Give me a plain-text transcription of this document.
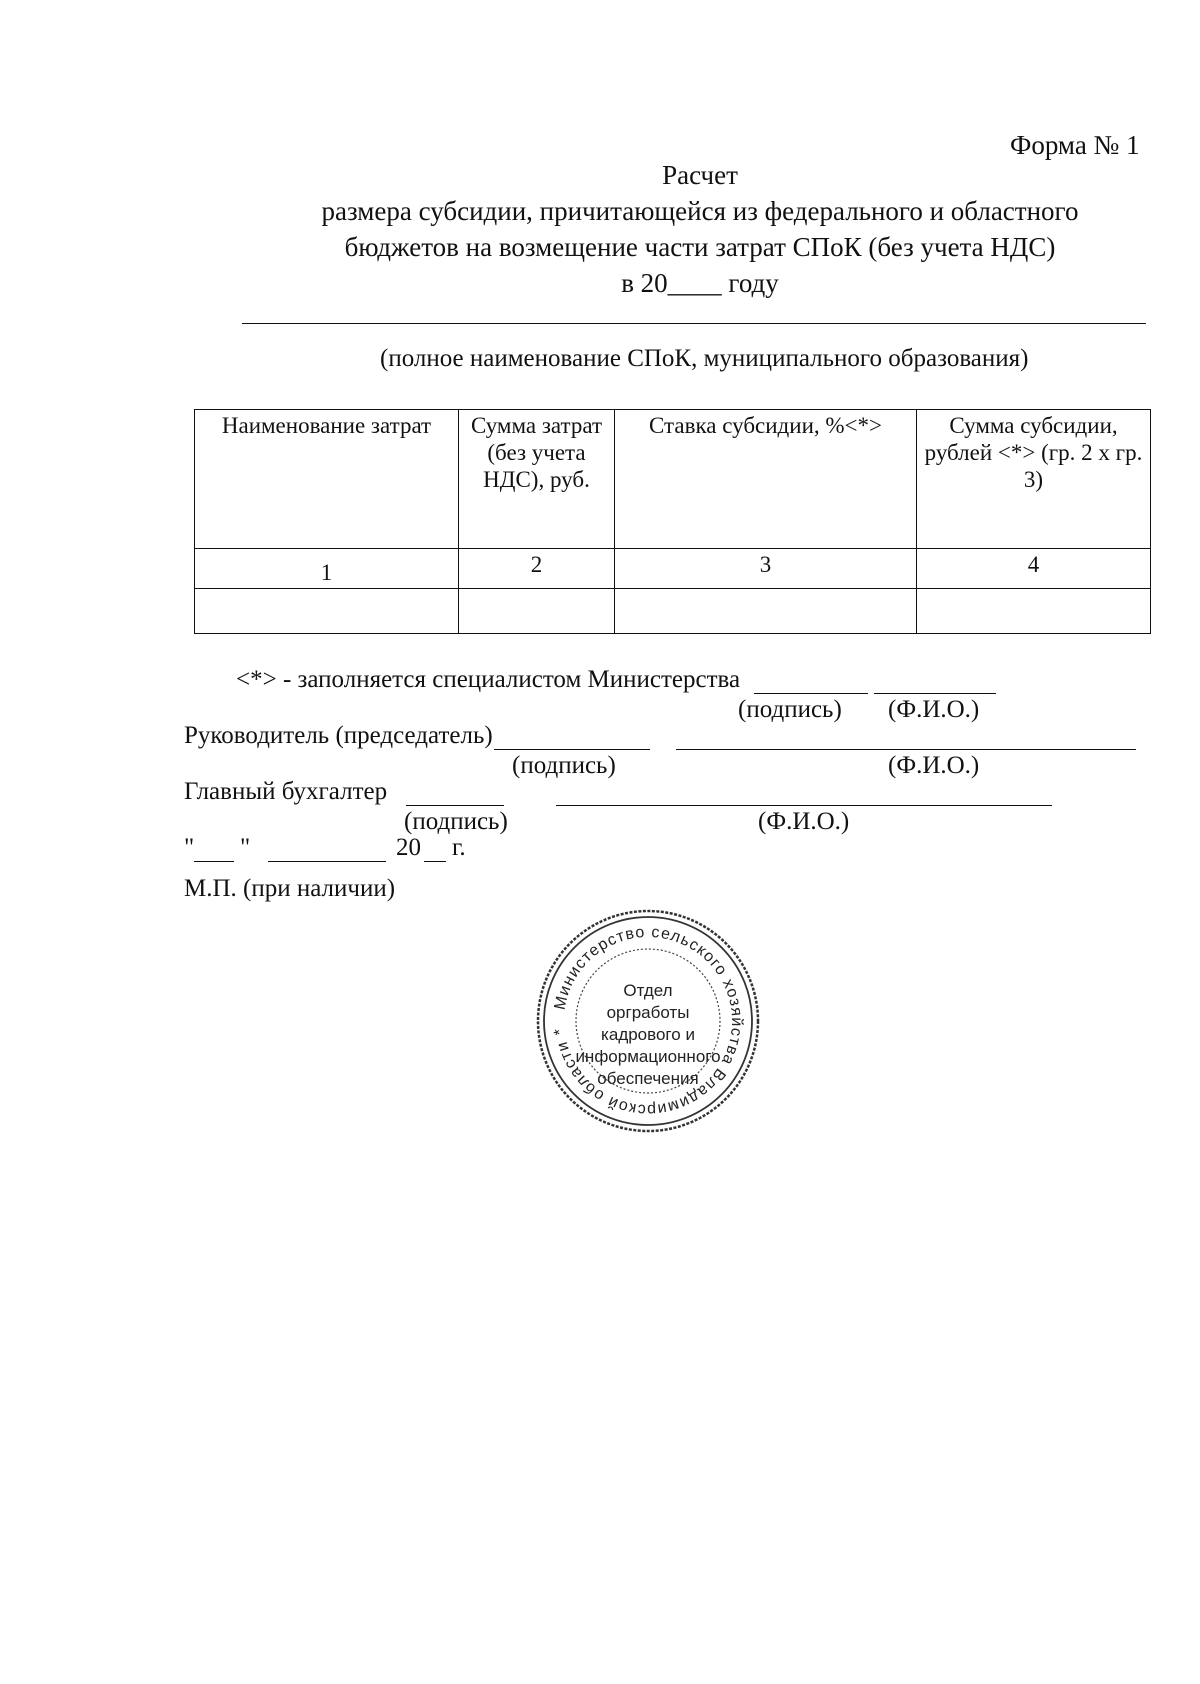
Форма № 1
Расчет
размера субсидии, причитающейся из федерального и областного
бюджетов на возмещение части затрат СПоК (без учета НДС)
в 20____ году
(полное наименование СПоК, муниципального образования)
Наименование затрат	Сумма затрат (без учета НДС), руб.	Ставка субсидии, %<*>	Сумма субсидии, рублей <*> (гр. 2 х гр. 3)
1	2	3	4

<*> - заполняется специалистом Министерства
(подпись) (Ф.И.О.)
Руководитель (председатель)
(подпись)	(Ф.И.О.)
Главный бухгалтер
(подпись)	(Ф.И.О.)
" "	20 г.
М.П. (при наличии)
Министерство сельского хозяйства Владимирской области *
Отдел
оргработы
кадрового и
информационного
обеспечения
